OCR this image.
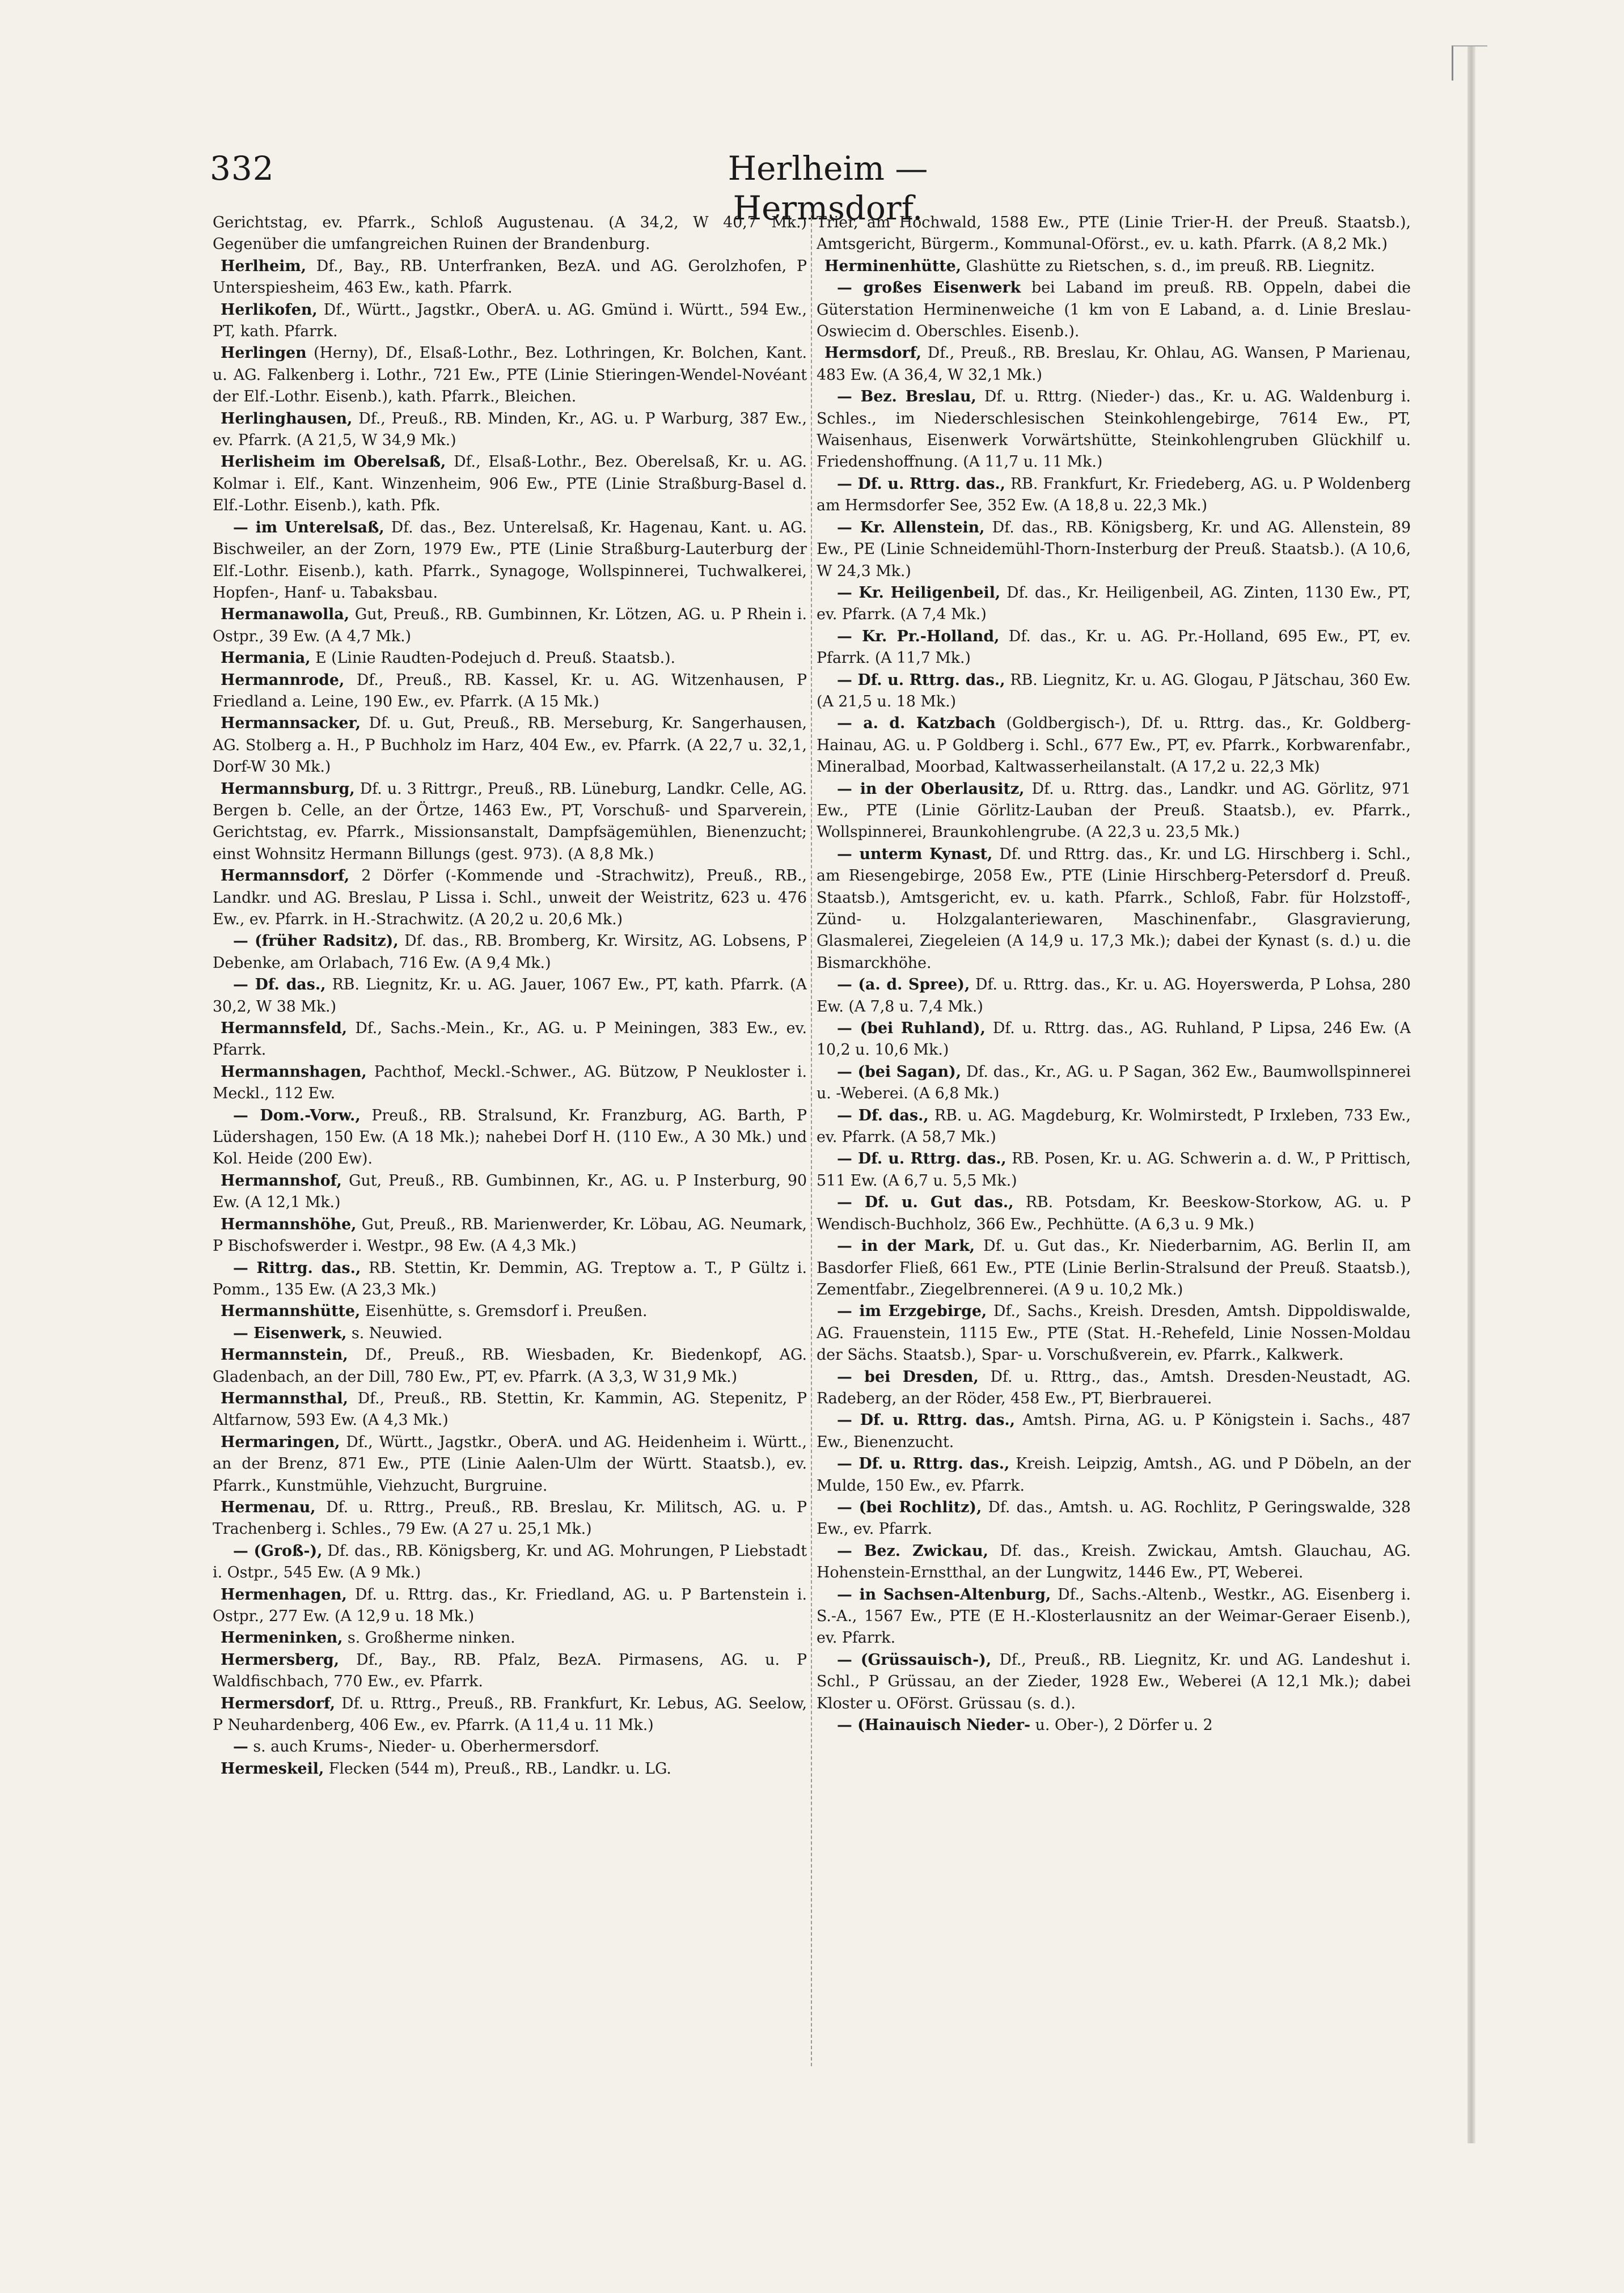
332	Herlheim — Hermsdorf.

Gerichtstag, ev. Pfarrk., Schloß Augustenau. (A 34,2, W 40,7 Mk.) Gegenüber die umfangreichen Ruinen der Brandenburg.

Herlheim, Df., Bay., RB. Unterfranken, BezA. und AG. Gerolzhofen, P Unterspiesheim, 463 Ew., kath. Pfarrk.

Herlikofen, Df., Württ., Jagstkr., OberA. u. AG. Gmünd i. Württ., 594 Ew., PT, kath. Pfarrk.

Herlingen (Herny), Df., Elsaß-Lothr., Bez. Lothringen, Kr. Bolchen, Kant. u. AG. Falkenberg i. Lothr., 721 Ew., PTE (Linie Stieringen-Wendel-Novéant der Elf.-Lothr. Eisenb.), kath. Pfarrk., Bleichen.

Herlinghausen, Df., Preuß., RB. Minden, Kr., AG. u. P Warburg, 387 Ew., ev. Pfarrk. (A 21,5, W 34,9 Mk.)

Herlisheim im Oberelsaß, Df., Elsaß-Lothr., Bez. Oberelsaß, Kr. u. AG. Kolmar i. Elf., Kant. Winzenheim, 906 Ew., PTE (Linie Straßburg-Basel d. Elf.-Lothr. Eisenb.), kath. Pfk.

— im Unterelsaß, Df. das., Bez. Unterelsaß, Kr. Hagenau, Kant. u. AG. Bischweiler, an der Zorn, 1979 Ew., PTE (Linie Straßburg-Lauterburg der Elf.-Lothr. Eisenb.), kath. Pfarrk., Synagoge, Wollspinnerei, Tuchwalkerei, Hopfen-, Hanf- u. Tabaksbau.

Hermanawolla, Gut, Preuß., RB. Gumbinnen, Kr. Lötzen, AG. u. P Rhein i. Ostpr., 39 Ew. (A 4,7 Mk.)

Hermania, E (Linie Raudten-Podejuch d. Preuß. Staatsb.).

Hermannrode, Df., Preuß., RB. Kassel, Kr. u. AG. Witzenhausen, P Friedland a. Leine, 190 Ew., ev. Pfarrk. (A 15 Mk.)

Hermannsacker, Df. u. Gut, Preuß., RB. Merseburg, Kr. Sangerhausen, AG. Stolberg a. H., P Buchholz im Harz, 404 Ew., ev. Pfarrk. (A 22,7 u. 32,1, Dorf-W 30 Mk.)

Hermannsburg, Df. u. 3 Rittrgr., Preuß., RB. Lüneburg, Landkr. Celle, AG. Bergen b. Celle, an der Örtze, 1463 Ew., PT, Vorschuß- und Sparverein, Gerichtstag, ev. Pfarrk., Missionsanstalt, Dampfsägemühlen, Bienenzucht; einst Wohnsitz Hermann Billungs (gest. 973). (A 8,8 Mk.)

Hermannsdorf, 2 Dörfer (-Kommende und -Strachwitz), Preuß., RB., Landkr. und AG. Breslau, P Lissa i. Schl., unweit der Weistritz, 623 u. 476 Ew., ev. Pfarrk. in H.-Strachwitz. (A 20,2 u. 20,6 Mk.)

— (früher Radsitz), Df. das., RB. Bromberg, Kr. Wirsitz, AG. Lobsens, P Debenke, am Orlabach, 716 Ew. (A 9,4 Mk.)

— Df. das., RB. Liegnitz, Kr. u. AG. Jauer, 1067 Ew., PT, kath. Pfarrk. (A 30,2, W 38 Mk.)

Hermannsfeld, Df., Sachs.-Mein., Kr., AG. u. P Meiningen, 383 Ew., ev. Pfarrk.

Hermannshagen, Pachthof, Meckl.-Schwer., AG. Bützow, P Neukloster i. Meckl., 112 Ew.

— Dom.-Vorw., Preuß., RB. Stralsund, Kr. Franzburg, AG. Barth, P Lüdershagen, 150 Ew. (A 18 Mk.); nahebei Dorf H. (110 Ew., A 30 Mk.) und Kol. Heide (200 Ew).

Hermannshof, Gut, Preuß., RB. Gumbinnen, Kr., AG. u. P Insterburg, 90 Ew. (A 12,1 Mk.)

Hermannshöhe, Gut, Preuß., RB. Marienwerder, Kr. Löbau, AG. Neumark, P Bischofswerder i. Westpr., 98 Ew. (A 4,3 Mk.)

— Rittrg. das., RB. Stettin, Kr. Demmin, AG. Treptow a. T., P Gültz i. Pomm., 135 Ew. (A 23,3 Mk.)

Hermannshütte, Eisenhütte, s. Gremsdorf i. Preußen.

— Eisenwerk, s. Neuwied.

Hermannstein, Df., Preuß., RB. Wiesbaden, Kr. Biedenkopf, AG. Gladenbach, an der Dill, 780 Ew., PT, ev. Pfarrk. (A 3,3, W 31,9 Mk.)

Hermannsthal, Df., Preuß., RB. Stettin, Kr. Kammin, AG. Stepenitz, P Altfarnow, 593 Ew. (A 4,3 Mk.)

Hermaringen, Df., Württ., Jagstkr., OberA. und AG. Heidenheim i. Württ., an der Brenz, 871 Ew., PTE (Linie Aalen-Ulm der Württ. Staatsb.), ev. Pfarrk., Kunstmühle, Viehzucht, Burgruine.

Hermenau, Df. u. Rttrg., Preuß., RB. Breslau, Kr. Militsch, AG. u. P Trachenberg i. Schles., 79 Ew. (A 27 u. 25,1 Mk.)

— (Groß-), Df. das., RB. Königsberg, Kr. und AG. Mohrungen, P Liebstadt i. Ostpr., 545 Ew. (A 9 Mk.)

Hermenhagen, Df. u. Rttrg. das., Kr. Friedland, AG. u. P Bartenstein i. Ostpr., 277 Ew. (A 12,9 u. 18 Mk.)

Hermeninken, s. Großherme ninken.

Hermersberg, Df., Bay., RB. Pfalz, BezA. Pirmasens, AG. u. P Waldfischbach, 770 Ew., ev. Pfarrk.

Hermersdorf, Df. u. Rttrg., Preuß., RB. Frankfurt, Kr. Lebus, AG. Seelow, P Neuhardenberg, 406 Ew., ev. Pfarrk. (A 11,4 u. 11 Mk.)

— s. auch Krums-, Nieder- u. Oberhermersdorf.

Hermeskeil, Flecken (544 m), Preuß., RB., Landkr. u. LG.

Trier, am Hochwald, 1588 Ew., PTE (Linie Trier-H. der Preuß. Staatsb.), Amtsgericht, Bürgerm., Kommunal-Oförst., ev. u. kath. Pfarrk. (A 8,2 Mk.)

Herminenhütte, Glashütte zu Rietschen, s. d., im preuß. RB. Liegnitz.

— großes Eisenwerk bei Laband im preuß. RB. Oppeln, dabei die Güterstation Herminenweiche (1 km von E Laband, a. d. Linie Breslau-Oswiecim d. Oberschles. Eisenb.).

Hermsdorf, Df., Preuß., RB. Breslau, Kr. Ohlau, AG. Wansen, P Marienau, 483 Ew. (A 36,4, W 32,1 Mk.)

— Bez. Breslau, Df. u. Rttrg. (Nieder-) das., Kr. u. AG. Waldenburg i. Schles., im Niederschlesischen Steinkohlengebirge, 7614 Ew., PT, Waisenhaus, Eisenwerk Vorwärtshütte, Steinkohlengruben Glückhilf u. Friedenshoffnung. (A 11,7 u. 11 Mk.)

— Df. u. Rttrg. das., RB. Frankfurt, Kr. Friedeberg, AG. u. P Woldenberg am Hermsdorfer See, 352 Ew. (A 18,8 u. 22,3 Mk.)

— Kr. Allenstein, Df. das., RB. Königsberg, Kr. und AG. Allenstein, 89 Ew., PE (Linie Schneidemühl-Thorn-Insterburg der Preuß. Staatsb.). (A 10,6, W 24,3 Mk.)

— Kr. Heiligenbeil, Df. das., Kr. Heiligenbeil, AG. Zinten, 1130 Ew., PT, ev. Pfarrk. (A 7,4 Mk.)

— Kr. Pr.-Holland, Df. das., Kr. u. AG. Pr.-Holland, 695 Ew., PT, ev. Pfarrk. (A 11,7 Mk.)

— Df. u. Rttrg. das., RB. Liegnitz, Kr. u. AG. Glogau, P Jätschau, 360 Ew. (A 21,5 u. 18 Mk.)

— a. d. Katzbach (Goldbergisch-), Df. u. Rttrg. das., Kr. Goldberg-Hainau, AG. u. P Goldberg i. Schl., 677 Ew., PT, ev. Pfarrk., Korbwarenfabr., Mineralbad, Moorbad, Kaltwasserheilanstalt. (A 17,2 u. 22,3 Mk)

— in der Oberlausitz, Df. u. Rttrg. das., Landkr. und AG. Görlitz, 971 Ew., PTE (Linie Görlitz-Lauban der Preuß. Staatsb.), ev. Pfarrk., Wollspinnerei, Braunkohlengrube. (A 22,3 u. 23,5 Mk.)

— unterm Kynast, Df. und Rttrg. das., Kr. und LG. Hirschberg i. Schl., am Riesengebirge, 2058 Ew., PTE (Linie Hirschberg-Petersdorf d. Preuß. Staatsb.), Amtsgericht, ev. u. kath. Pfarrk., Schloß, Fabr. für Holzstoff-, Zünd- u. Holzgalanteriewaren, Maschinenfabr., Glasgravierung, Glasmalerei, Ziegeleien (A 14,9 u. 17,3 Mk.); dabei der Kynast (s. d.) u. die Bismarckhöhe.

— (a. d. Spree), Df. u. Rttrg. das., Kr. u. AG. Hoyerswerda, P Lohsa, 280 Ew. (A 7,8 u. 7,4 Mk.)

— (bei Ruhland), Df. u. Rttrg. das., AG. Ruhland, P Lipsa, 246 Ew. (A 10,2 u. 10,6 Mk.)

— (bei Sagan), Df. das., Kr., AG. u. P Sagan, 362 Ew., Baumwollspinnerei u. -Weberei. (A 6,8 Mk.)

— Df. das., RB. u. AG. Magdeburg, Kr. Wolmirstedt, P Irxleben, 733 Ew., ev. Pfarrk. (A 58,7 Mk.)

— Df. u. Rttrg. das., RB. Posen, Kr. u. AG. Schwerin a. d. W., P Prittisch, 511 Ew. (A 6,7 u. 5,5 Mk.)

— Df. u. Gut das., RB. Potsdam, Kr. Beeskow-Storkow, AG. u. P Wendisch-Buchholz, 366 Ew., Pechhütte. (A 6,3 u. 9 Mk.)

— in der Mark, Df. u. Gut das., Kr. Niederbarnim, AG. Berlin II, am Basdorfer Fließ, 661 Ew., PTE (Linie Berlin-Stralsund der Preuß. Staatsb.), Zementfabr., Ziegelbrennerei. (A 9 u. 10,2 Mk.)

— im Erzgebirge, Df., Sachs., Kreish. Dresden, Amtsh. Dippoldiswalde, AG. Frauenstein, 1115 Ew., PTE (Stat. H.-Rehefeld, Linie Nossen-Moldau der Sächs. Staatsb.), Spar- u. Vorschußverein, ev. Pfarrk., Kalkwerk.

— bei Dresden, Df. u. Rttrg., das., Amtsh. Dresden-Neustadt, AG. Radeberg, an der Röder, 458 Ew., PT, Bierbrauerei.

— Df. u. Rttrg. das., Amtsh. Pirna, AG. u. P Königstein i. Sachs., 487 Ew., Bienenzucht.

— Df. u. Rttrg. das., Kreish. Leipzig, Amtsh., AG. und P Döbeln, an der Mulde, 150 Ew., ev. Pfarrk.

— (bei Rochlitz), Df. das., Amtsh. u. AG. Rochlitz, P Geringswalde, 328 Ew., ev. Pfarrk.

— Bez. Zwickau, Df. das., Kreish. Zwickau, Amtsh. Glauchau, AG. Hohenstein-Ernstthal, an der Lungwitz, 1446 Ew., PT, Weberei.

— in Sachsen-Altenburg, Df., Sachs.-Altenb., Westkr., AG. Eisenberg i. S.-A., 1567 Ew., PTE (E H.-Klosterlausnitz an der Weimar-Geraer Eisenb.), ev. Pfarrk.

— (Grüssauisch-), Df., Preuß., RB. Liegnitz, Kr. und AG. Landeshut i. Schl., P Grüssau, an der Zieder, 1928 Ew., Weberei (A 12,1 Mk.); dabei Kloster u. OFörst. Grüssau (s. d.).

— (Hainauisch Nieder- u. Ober-), 2 Dörfer u. 2
